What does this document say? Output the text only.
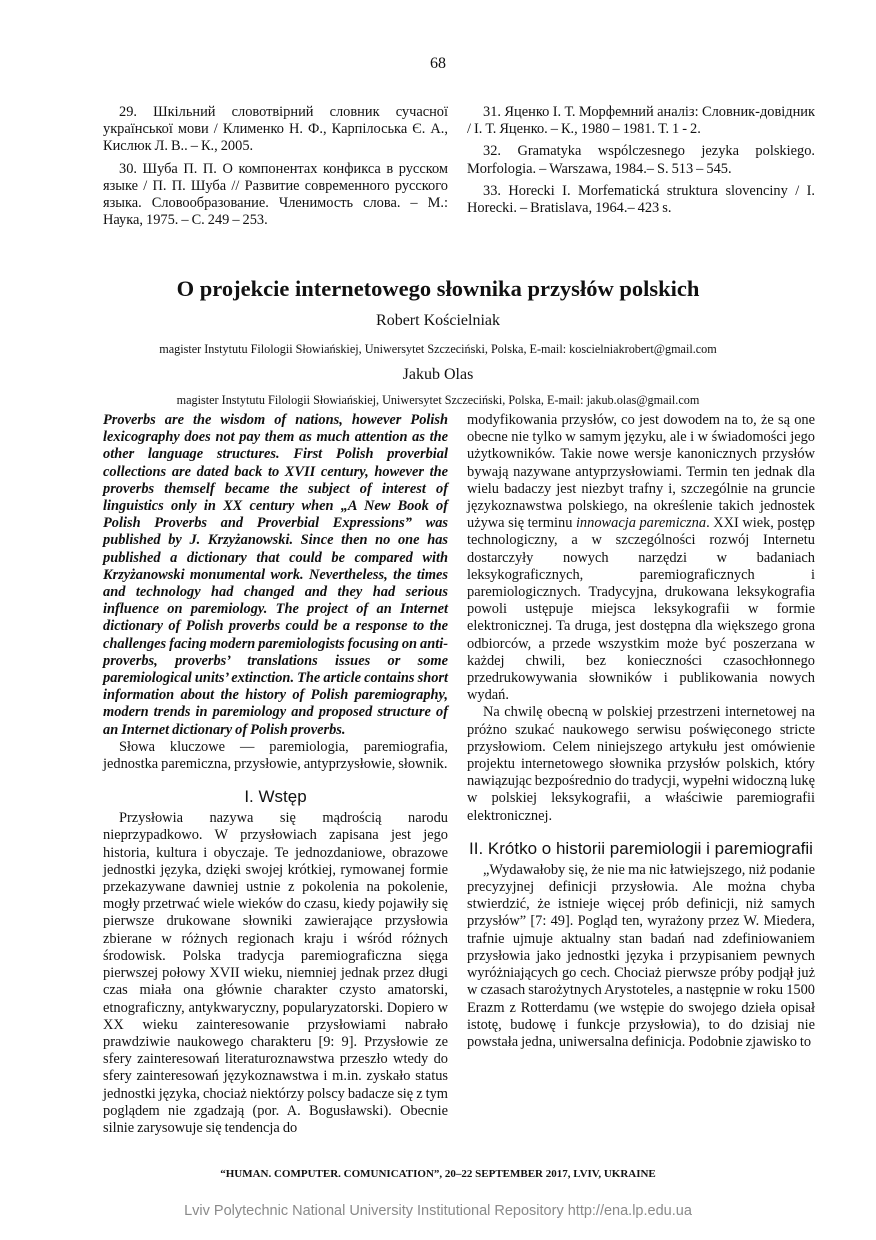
68

29. Шкільний словотвірний словник сучасної української мови / Клименко Н. Ф., Карпілоська Є. А., Кислюк Л. В.. – К., 2005.

30. Шуба П. П. О компонентах конфикса в русском языке / П. П. Шуба // Развитие современного русского языка. Словообразование. Членимость слова. – М.: Наука, 1975. – С. 249 – 253.

31. Яценко І. Т. Морфемний аналіз: Словник-довідник / І. Т. Яценко. – К., 1980 – 1981. Т. 1 - 2.

32. Gramatyka wspólczesnego jezyka polskiego. Morfologia. – Warszawa, 1984.– S. 513 – 545.

33. Horecki I. Morfematická struktura slovenciny / I. Horecki. – Bratislava, 1964.– 423 s.

O projekcie internetowego słownika przysłów polskich
Robert Kościelniak
magister Instytutu Filologii Słowiańskiej, Uniwersytet Szczeciński, Polska, E-mail: koscielniakrobert@gmail.com
Jakub Olas
magister Instytutu Filologii Słowiańskiej, Uniwersytet Szczeciński, Polska, E-mail: jakub.olas@gmail.com

Proverbs are the wisdom of nations, however Polish lexicography does not pay them as much attention as the other language structures. First Polish proverbial collections are dated back to XVII century, however the proverbs themself became the subject of interest of linguistics only in XX century when „A New Book of Polish Proverbs and Proverbial Expressions” was published by J. Krzyżanowski. Since then no one has published a dictionary that could be compared with Krzyżanowski monumental work. Nevertheless, the times and technology had changed and they had serious influence on paremiology. The project of an Internet dictionary of Polish proverbs could be a response to the challenges facing modern paremiologists focusing on anti-proverbs, proverbs’ translations issues or some paremiological units’ extinction. The article contains short information about the history of Polish paremiography, modern trends in paremiology and proposed structure of an Internet dictionary of Polish proverbs.

Słowa kluczowe — paremiologia, paremiografia, jednostka paremiczna, przysłowie, antyprzysłowie, słownik.

I. Wstęp

Przysłowia nazywa się mądrością narodu nieprzypadkowo. W przysłowiach zapisana jest jego historia, kultura i obyczaje. Te jednozdaniowe, obrazowe jednostki języka, dzięki swojej krótkiej, rymowanej formie przekazywane dawniej ustnie z pokolenia na pokolenie, mogły przetrwać wiele wieków do czasu, kiedy pojawiły się pierwsze drukowane słowniki zawierające przysłowia zbierane w różnych regionach kraju i wśród różnych środowisk. Polska tradycja paremiograficzna sięga pierwszej połowy XVII wieku, niemniej jednak przez długi czas miała ona głównie charakter czysto amatorski, etnograficzny, antykwaryczny, popularyzatorski. Dopiero w XX wieku zainteresowanie przysłowiami nabrało prawdziwie naukowego charakteru [9: 9]. Przysłowie ze sfery zainteresowań literaturoznawstwa przeszło wtedy do sfery zainteresowań językoznawstwa i m.in. zyskało status jednostki języka, chociaż niektórzy polscy badacze się z tym poglądem nie zgadzają (por. A. Bogusławski). Obecnie silnie zarysowuje się tendencja do

modyfikowania przysłów, co jest dowodem na to, że są one obecne nie tylko w samym języku, ale i w świadomości jego użytkowników. Takie nowe wersje kanonicznych przysłów bywają nazywane antyprzysłowiami. Termin ten jednak dla wielu badaczy jest niezbyt trafny i, szczególnie na gruncie językoznawstwa polskiego, na określenie takich jednostek używa się terminu innowacja paremiczna. XXI wiek, postęp technologiczny, a w szczególności rozwój Internetu dostarczyły nowych narzędzi w badaniach leksykograficznych, paremiograficznych i paremiologicznych. Tradycyjna, drukowana leksykografia powoli ustępuje miejsca leksykografii w formie elektronicznej. Ta druga, jest dostępna dla większego grona odbiorców, a przede wszystkim może być poszerzana w każdej chwili, bez konieczności czasochłonnego przedrukowywania słowników i publikowania nowych wydań.

Na chwilę obecną w polskiej przestrzeni internetowej na próżno szukać naukowego serwisu poświęconego stricte przysłowiom. Celem niniejszego artykułu jest omówienie projektu internetowego słownika przysłów polskich, który nawiązując bezpośrednio do tradycji, wypełni widoczną lukę w polskiej leksykografii, a właściwie paremiografii elektronicznej.

II. Krótko o historii paremiologii i paremiografii

„Wydawałoby się, że nie ma nic łatwiejszego, niż podanie precyzyjnej definicji przysłowia. Ale można chyba stwierdzić, że istnieje więcej prób definicji, niż samych przysłów” [7: 49]. Pogląd ten, wyrażony przez W. Miedera, trafnie ujmuje aktualny stan badań nad zdefiniowaniem przysłowia jako jednostki języka i przypisaniem pewnych wyróżniających go cech. Chociaż pierwsze próby podjął już w czasach starożytnych Arystoteles, a następnie w roku 1500 Erazm z Rotterdamu (we wstępie do swojego dzieła opisał istotę, budowę i funkcje przysłowia), to do dzisiaj nie powstała jedna, uniwersalna definicja. Podobnie zjawisko to

“HUMAN. COMPUTER. COMUNICATION”, 20–22 SEPTEMBER 2017, LVIV, UKRAINE
Lviv Polytechnic National University Institutional Repository http://ena.lp.edu.ua
